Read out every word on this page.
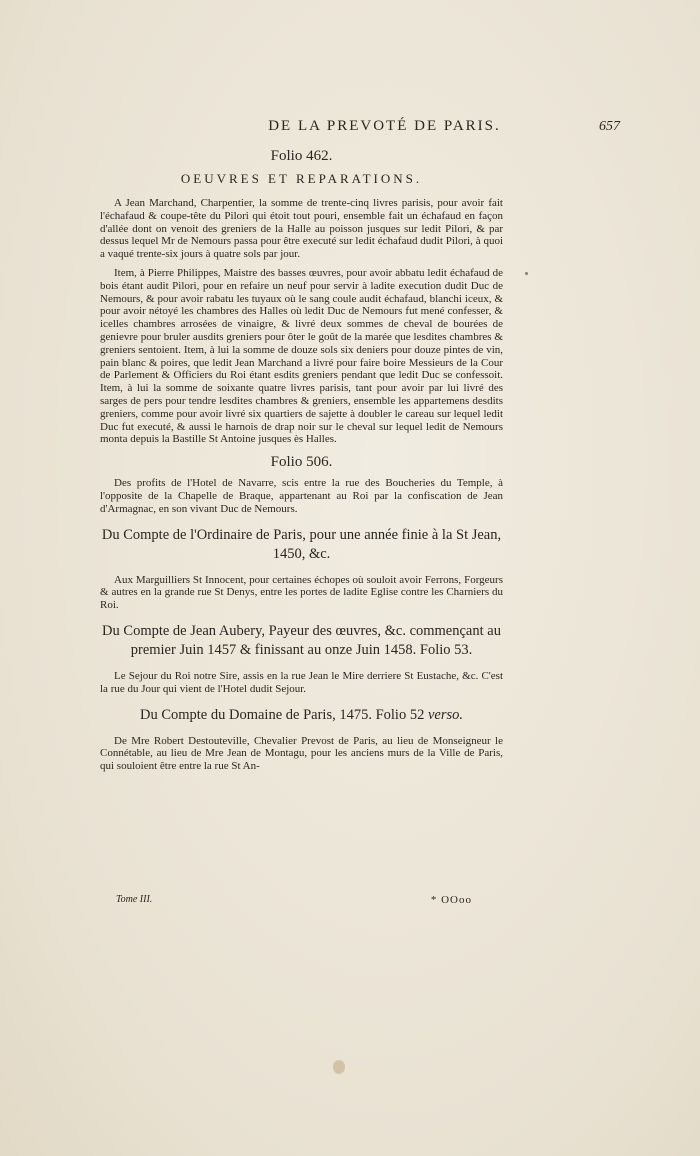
DE LA PREVOTÉ DE PARIS.	657
Folio 462.
OEUVRES ET REPARATIONS.

A Jean Marchand, Charpentier, la somme de trente-cinq livres parisis, pour avoir fait l'échafaud & coupe-tête du Pilori qui étoit tout pouri, ensemble fait un échafaud en façon d'allée dont on venoit des greniers de la Halle au poisson jusques sur ledit Pilori, & par dessus lequel Mr de Nemours passa pour être executé sur ledit échafaud dudit Pilori, à quoi a vaqué trente-six jours à quatre sols par jour.

Item, à Pierre Philippes, Maistre des basses œuvres, pour avoir abbatu ledit échafaud de bois étant audit Pilori, pour en refaire un neuf pour servir à ladite execution dudit Duc de Nemours, & pour avoir rabatu les tuyaux où le sang coule audit échafaud, blanchi iceux, & pour avoir nétoyé les chambres des Halles où ledit Duc de Nemours fut mené confesser, & icelles chambres arrosées de vinaigre, & livré deux sommes de cheval de bourées de genievre pour bruler ausdits greniers pour ôter le goût de la marée que lesdites chambres & greniers sentoient. Item, à lui la somme de douze sols six deniers pour douze pintes de vin, pain blanc & poires, que ledit Jean Marchand a livré pour faire boire Messieurs de la Cour de Parlement & Officiers du Roi étant esdits greniers pendant que ledit Duc se confessoit. Item, à lui la somme de soixante quatre livres parisis, tant pour avoir par lui livré des sarges de pers pour tendre lesdites chambres & greniers, ensemble les appartemens desdits greniers, comme pour avoir livré six quartiers de sajette à doubler le careau sur lequel ledit Duc fut executé, & aussi le harnois de drap noir sur le cheval sur lequel ledit de Nemours monta depuis la Bastille St Antoine jusques ès Halles.

Folio 506.

Des profits de l'Hotel de Navarre, scis entre la rue des Boucheries du Temple, à l'opposite de la Chapelle de Braque, appartenant au Roi par la confiscation de Jean d'Armagnac, en son vivant Duc de Nemours.

Du Compte de l'Ordinaire de Paris, pour une année finie à la St Jean, 1450, &c.

Aux Marguilliers St Innocent, pour certaines échopes où souloit avoir Ferrons, Forgeurs & autres en la grande rue St Denys, entre les portes de ladite Eglise contre les Charniers du Roi.

Du Compte de Jean Aubery, Payeur des œuvres, &c. commençant au premier Juin 1457 & finissant au onze Juin 1458. Folio 53.

Le Sejour du Roi notre Sire, assis en la rue Jean le Mire derriere St Eustache, &c. C'est la rue du Jour qui vient de l'Hotel dudit Sejour.

Du Compte du Domaine de Paris, 1475. Folio 52 verso.

De Mre Robert Destouteville, Chevalier Prevost de Paris, au lieu de Monseigneur le Connétable, au lieu de Mre Jean de Montagu, pour les anciens murs de la Ville de Paris, qui souloient être entre la rue St An-

Tome III.	* OOoo
